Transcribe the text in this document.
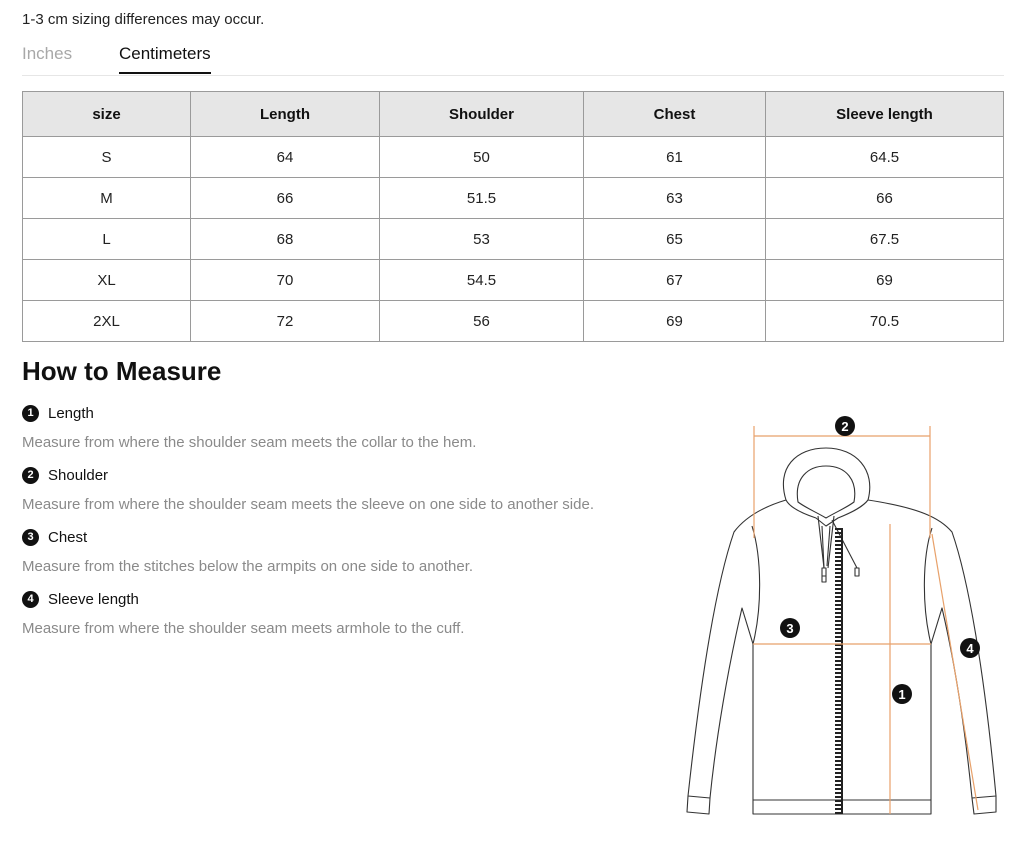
1-3 cm sizing differences may occur.
Inches	Centimeters
size	Length	Shoulder	Chest	Sleeve length
S	64	50	61	64.5
M	66	51.5	63	66
L	68	53	65	67.5
XL	70	54.5	67	69
2XL	72	56	69	70.5
How to Measure
1 Length
Measure from where the shoulder seam meets the collar to the hem.
2 Shoulder
Measure from where the shoulder seam meets the sleeve on one side to another side.
3 Chest
Measure from the stitches below the armpits on one side to another.
4 Sleeve length
Measure from where the shoulder seam meets armhole to the cuff.
2
3
4
1
